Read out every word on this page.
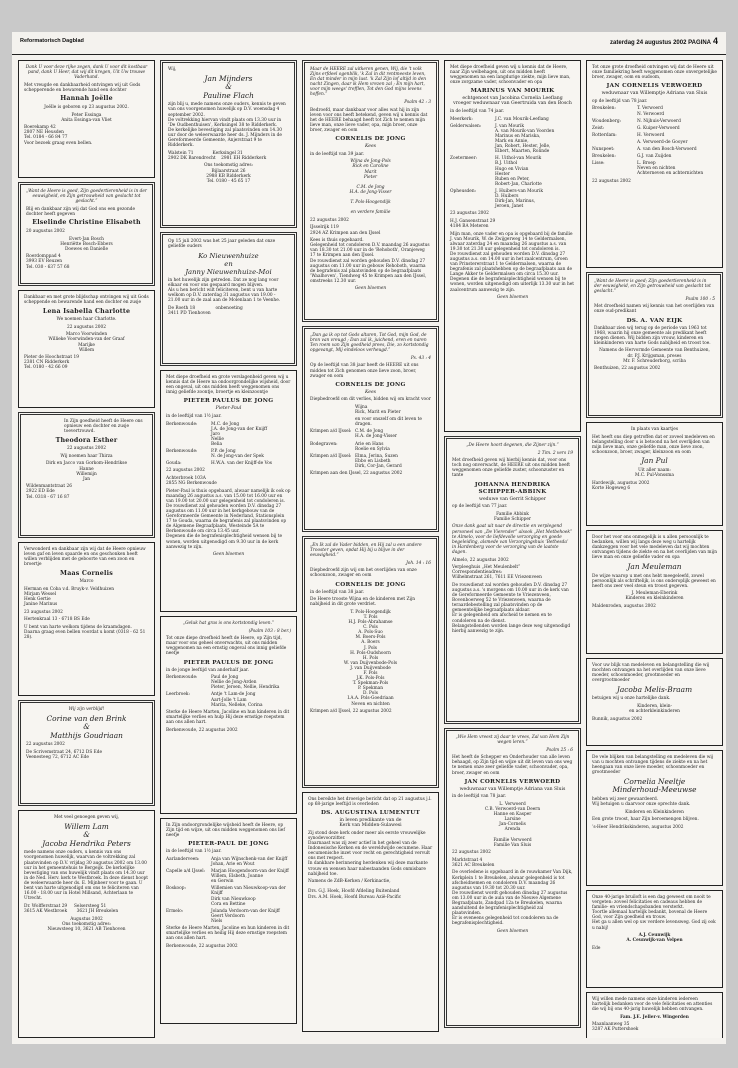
Reformatorisch Dagblad	zaterdag 24 augustus 2002 PAGINA 4

Dank U voor deze rijke zegen, dank U voor dit kostbaar pand, dank U Heer, dat wij dit kregen, Uit Uw trouwe Vaderhand.

Met vreugde en dankbaarheid ontvingen wij uit Gods schepperende en bewarende hand een dochter

Hannah Joëlle

Joëlle is geboren op 23 augustus 2002.

Peter Essinga
Anita Essinga-van Vliet

Boerekamp 42
2807 NE Heusden
Tel. 0184 - 66 84 77
Voor bezoek graag even bellen.

„Want de Heere is goed, Zijn goedertierenheid is in der eeuwigheid, en Zijn getrouwheid van geslacht tot geslacht.”

Blij en dankbaar zijn wij dat God ons een gezonde dochter heeft gegeven

Elselinde Christine Elisabeth

20 augustus 2002

Evert-Jan Bosch
Henriëtte Bosch-Ebbers
Doewes en Danielle

Roerdomppad 4
3993 EV Reuzen
Tel. 030 - 637 57 68

Dankbaar en met grote blijdschap ontvingen wij uit Gods scheppende en bewarende hand een dochter en zusje

Lena Isabella Charlotte

We noemen haar Charlotte.

22 augustus 2002

Marco Voorwinden
Willieke Voorwinden-van der Graaf
Marijke
Willem

Pieter de Hoochstraat 19
2381 CN Ridderkerk
Tel. 0180 - 42 66 09

In Zijn goedheid heeft de Heere ons opnieuw een dochter en zusje toevertrouwd.

Theodora Esther

22 augustus 2002

Wij noemen haar Thirza

Dirk en Jacco van Gorkom-Hendrikse
Hanne
Willemijn
Jan

Wildenmantstraat 26
2922 ED Ede
Tel. 0318 - 67 16 87

Verwonderd en dankbaar zijn wij dat de Heere opnieuw leven gaf en leven spaarde en ons geschonken heeft willen verblijden met de geboorte van een zoon en broertje

Maas Cornelis

Marco

Herman en Coba v.d. Bruyk-v. Veldhuizen
Mirjam Wessel
Henk Gertie
Janine Marinus

23 augustus 2002

Hertenkraal 13 - 6718 BS Ede

U bent van harte welkom tijdens de kraamdagen. Daarna graag even bellen voordat u komt (0318 - 62 51 28).

Wij zijn verblijd!

Corine van den Brink
&
Matthijs Goudriaan

22 augustus 2002

De Scrivemstraat 24, 6712 DS Ede
Veenesteeg 72, 6712 AC Ede

Met veel genoegen geven wij,

Willem Lam
&
Jacoba Hendrika Peters

mede namens onze ouders, u kennis van ons voorgenomen huwelijk, waarvan de voltrekking zal plaatsvinden op D.V. vrijdag 30 augustus 2002 om 13.00 uur in het gemeentehuis te Bergeijk. De kerkelijke bevestiging van ons huwelijk vindt plaats om 14.30 uur in de Ned. Herv. kerk te Westbroek. In deze dienst hoopt de weleerwaarde heer ds. E. Mijnheer voor te gaan. U bent van harte uitgenodigd om ons te feliciteren van 16.00 - 18.00 uur in Hotel Millsand, Achterlaan te Utrecht.

Dr. Wolfferstraat 29     Selsersteeg 51
3615 AK Westbroek       3621 JH Breukelen

Augustus 2002
Ons toekomstig adres:
Nieuwsteeg 10, 3621 AB Tienhoven

Wij,

Jan Mijnders
&
Pauline Flach

zijn blij u, mede namens onze ouders, kennis te geven van ons voorgenomen huwelijk op D.V. woensdag 4 september 2002.
De voltrekking hiervan vindt plaats om 13.30 uur in ‘De Oudbenthuisen’, Kerksingel 38 te Ridderkerk.
De kerkelijke bevestiging zal plaatsvinden om 14.30 uur door de weleerwaarde heer ds. J. Mijnders in de Gereformeerde Gemeente, Anjerstraat 9 te Ridderkerk.

Walstein 71              Kerksingel 31
2902 DK Barendrecht    2981 EH Ridderkerk

Ons toekomstig adres:
Bijlaarstraat 26
2988 KB Ridderkerk
Tel. 0180 - 45 65 17

Op 15 juli 2002 was het 25 jaar geleden dat onze geliefde ouders

Ko Nieuwenhuize
en
Janny Nieuwenhuize-Moi

in het huwelijk zijn getreden. Dat ze nog lang voor elkaar en voor ons gespaard mogen blijven.
Als u hen bericht wilt feliciteren, bent u van harte welkom op D.V. zaterdag 31 augustus van 19.00 - 21.00 uur in de zaal aan de Molenlaan 1 te Veenhe.

De Roeth 18               onbenoeting
3411 PD Tienhoven

Met diepe droefheid en grote verslagenheid geven wij u kennis dat de Heere na ondoorgrondelijke wijsheid, door een ongeval, uit ons midden heeft weggenomen ons innig geliefde zoontje, broertje en kleinzoontje

PIETER PAULUS DE JONG

Pieter-Paul

in de leeftijd van 1½ jaar.

Berkenwoude:	M.C. de Jong
J.A. de Jong-van der Knijff
Jaro
Nellie
Belia
Berkenwoude:	P.P. de Jong
N. de Jong-van der Spek
Gouda:	H.W.A. van der Knijff-de Vos

22 augustus 2002

Achterbroek 103A
2855 NG Berkenwoude

Pieter-Paul is thuis opgebaard, alwaar namelijk ik ook op maandag 26 augustus a.s. van 15.00 tot 16.00 uur en van 19.00 tot 20.00 uur gelegenheid tot condoleren is.
De rouwdienst zal gehouden worden D.V. dinsdag 27 augustus om 11.00 uur in het kerkgebouw van de Gereformeerde Gemeente in Nederland, Stationsplein 17 te Gouda, waarna de begrafenis zal plaatsvinden op de Algemene Begraafplaats, Westeinde 5A te Berkenwoude om circa 13.45 uur.
Degenen die de begrafenisplechtigheid wensen bij te wonen, worden uitgenodigd om 9.30 uur in de kerk aanwezig te zijn.

Geen bloemen

„Geluk hat gras is ons kortstondig leven.”

(Psalm 103 : 8 ber.)

Tot onze diepe droefheid heeft de Heere, op Zijn tijd, maar voor ons geheel onverwachts, uit ons midden weggenomen na een ernstig ongeval ons innig geliefde neefje

PIETER PAULUS DE JONG

in de jonge leeftijd van anderhalf jaar.

Berkenwoude:	Paul de Jong
Nellie de Jong-Arden
Pieter, Jeroen, Nellie, Hendrika
Leerbroek:	Antje 't Lam-de Jong
Aart-Jolle 't Lam
Marita, Nelleke, Corina

Sterke de Heere Marten, Jacoline en hun kinderen in dit smartelijke verlies en hulp Hij deze ernstige roepstem aan ons allen hart.

Berkenwoude, 22 augustus 2002

In Zijn ondoorgrondelijke wijsheid heeft de Heere, op Zijn tijd en wijze, uit ons midden weggenomen ons lief neefje

PIETER-PAUL DE JONG

in de leeftijd van 1½ jaar.

Aarlanderveen:	Anja van Wijnschenk-van der Knijff
Johan, Arie en Wout
Capelle a/d IJssel:	Marjan Hoogendoorn-van der Knijff
Willem, Elsbeth, Joanne
en Gerwin
Boskoop:	Willemien van Nieuwkoop-van der Knijff
Dirk van Nieuwkoop
Cora en Bettine
Ermelo:	Jolanda Verdoorn-van der Knijff
Geert Verdoorn
Niels

Sterke de Heere Marten, Jacoline en hun kinderen in dit smartelijke verlies en heilig Hij deze ernstige roepstem aan ons allen hart.

Berkenwoude, 22 augustus 2002

Maar de HEERE zal uitkeren genen, Wij, die 't volk Zijns erfdeel ogenblik, 'k Zal in dit rentmeeste leven, En dat minder in mijn lust. 'k Zal Zijn lof altijd in den nacht Zingen, daar ik Hem vrezen zal ; En mijn hart, voor mijn weegs' trefflen, Tot den God mijns levens hoffen.”

Psalm 42 : 3

Bedroefd, maar dankbaar voor alles wat hij in zijn leven voor ons heeft betekend, geven wij u kennis dat het de HEERE behaagd heeft tot Zich te nemen mijn lieve man, onze lieve vader, opa, mijn broer, onze broer, zwager en oom

CORNELIS DE JONG

Kees

in de leeftijd van 39 jaar.

Wijna de Jong-Pols
Rick en Caroline
Marit
Pieter

C.M. de Jong
H.A. de Jong-Visser

T. Pols-Hoogendijk

en verdere familie

22 augustus 2002

IJsselrijk 119
2924 AZ Krimpen aan den IJssel

Kees is thuis opgebaard.
Gelegenheid tot condoleren D.V. maandag 26 augustus van 18.30 tot 21.00 uur in de 'Rehoboth', Oranjeweg 17 te Krimpen aan den IJssel.
De rouwdienst zal worden gehouden D.V. dinsdag 27 augustus om 11.00 uur in gebouw Rehoboth, waarna de begrafenis zal plaatsvinden op de begraafplaats ‘Waalhoven’, Tiendweg 45 te Krimpen aan den IJssel, omstreeks 12.30 uur.

Geen bloemen

„Dan ga ik op tot Gods altaren, Tot God, mijn God, de bron van vreugd ; Dan zal ik, juichend, eren en naren Ten roem van Zijn goedheid prees, Die, zo kortstondig opgevangt, Mij eindeloos verheugd.”

Ps. 43 : 4

Op de leeftijd van 38 jaar heeft de HEERE uit ons midden tot Zich genomen onze lieve zoon, broer, zwager en oom

CORNELIS DE JONG

Kees

Diepbedroefd om dit verlies, bidden wij om kracht voor

Wijna
Rick, Marit en Pieter
en voor onszelf om dit leven te dragen.
Krimpen a/d IJssel: C.M. de Jong
H.A. de Jong-Visser
Bodegraven:	Arie en Hans
Roelie en Sylvia
Krimpen a/d IJssel: Elma, Jerina, Suzen
Ebbo en Lisbeth
Dirk, Cor-Jan, Gerard

Krimpen aan den IJssel, 22 augustus 2002

„En Ik zal de Vader bidden, en Hij zal u een andere Trooster geven, opdat Hij bij u blijve in der eeuwigheid.”

Joh. 14 : 16

Diepbedroefd zijn wij om het overlijden van onze schoonzoon, zwager en oom

CORNELIS DE JONG

in de leeftijd van 38 jaar.

De Heere trooste Wijna en de kinderen met Zijn nabijheid in dit grote verdriet.

T. Pols-Hoogendijk
T. Pols
H.J. Pols-Abrahamse
C. Pols
A. Pols-Suo
M. Boers-Pols
A. Boers
J. Pols
H. Pols-Oudshoorn
H. Pols
W. van Duijvenbode-Pols
J. van Duijvenbode
F. Pols
J.K. Pols-Pols
T. Spekman-Pols
P. Spekman
D. Pols
I.A.A. Pols-Goedriaan
Neven en nichten

Krimpen a/d IJssel, 22 augustus 2002

Ons bereikte het droevige bericht dat op 21 augustus j.l. op 68-jarige leeftijd is overleden

DS. AUGUSTINA LUMENTUT

in leven predikante van de
Kerk van Midden-Sulawesi

Zij stond deze kerk onder meer als eerste vrouwelijke synodevoorzitter.
Daarnaast was zij zeer actief in het geheel van de Indonesische Kerken en de wereldwijde oecumene. Haar oecumenische inzet voor recht en gerechtigheid vervult ons met respect.
In dankbare herinnering herdenken wij deze markante vrouw en wensen haar nabestaanden Gods onmisbare nabijheid toe.

Namens de ZdB-Kerken / Kerkinactie,

Drs. G.J. Hoek, Hoofd Afdeling Buitenland
Drs. A.M. Hoek, Hoofd Bureau Azië-Pacific

Met diepe droefheid geven wij u kennis dat de Heere, naar Zijn welbehagen, uit ons midden heeft weggenomen na een langdurige ziekte, mijn lieve man, onze zorgzame vader, schoonvader en opa

MARINUS VAN MOURIK

echtgenoot van Jacobina Cornelia Leeflang
vroeger weduwnaar van Geertruida van den Bosch

in de leeftijd van 74 jaar.

Meerkerk:	J.C. van Mourik-Leeflang
Gelderwalsen:	J. van Mourik
A. van Mourik-van Voorden
Marinus en Mariska,
Mark en Annie,
Jan, Robert, Hester, Jelle,
Elbert, Maarten, Rolinde
Zoetermeer:	H. Uithol-van Mourik
B.J. Uithol
Hugo en Vivian
Hester
Ruben en Peter,
Robert-Jan, Charlotte
Opheusden:	J. Huibers-van Mourik
D. Huibers
Dirk-Jan, Marinus,
Jeroen, Janet

23 augustus 2002

H.J. Gansenstraat 29
4184 BA Meteren

Mijn man, onze vader en opa is opgebaard bij de familie J. van Mourik, W. de Zwijgerweg 14 te Geldermalsen, alwaar zaterdag 24 en maandag 26 augustus a.s. van 19.30 tot 21.30 uur gelegenheid tot condoleren is.
De rouwdienst zal gehouden worden D.V. dinsdag 27 augustus a.s. om 14.00 uur in het zaalcentrum, Groen van Prinstererstraat 1 te Geldermalsen, waarna de begrafenis zal plaatshebben op de begraafplaats aan de Lange Akker te Geldermalsen om circa 15.30 uur.
Degenen die de begrafenisplechtigheid wensen bij te wonen, worden uitgenodigd om uiterlijk 13.30 uur in het zaalcentrum aanwezig te zijn.

Geen bloemen

„De Heere hoort degenen, die Zijner zijn.”

2 Tim. 2 vers 19

Met droefheid geven wij hierbij kennis dat, voor ons toch nog onverwacht, de HEERE uit ons midden heeft weggenomen onze geliefde zuster, schoonzuster en tante

JOHANNA HENDRIKA
SCHIPPER-ABBINK

weduwe van Gerrit Schipper

op de leeftijd van 77 jaar.

Familie Abbink
Familie Schipper

Onze dank gaat uit naar de directie en verplegend personeel van „De Vierender” alsook „Het Metbehoek” te Almelo, voor de liefdevolle verzorging en goede begeleiding, alsmede van Verzorgingshuis ‘Bethesda’ in Hardenberg voor de verzorging van de laatste dagen.

Almelo, 22 augustus 2002

Verpleeghuis „Het Meulenbelt”
Correspondentieadres:
Wilhelmstraat 261, 7611 EE Vriezenveen

De rouwdienst zal worden gehouden D.V. dinsdag 27 augustus a.s. 's morgens om 10.00 uur in de kerk van de Gereformeerde Gemeente te Vriezenveen, Bovenboerweg 52 te Vriezenveen, waarna de teraardebestelling zal plaatsvinden op de gemeentelijke begraafplaats aldaar.
Er is gelegenheid om afscheid te nemen en te condoleren na de dienst.
Belangstellenden worden lange deze weg uitgenodigd hierbij aanwezig te zijn.

„Wie Hem vreest zij daar te vrees, Zal van Hem Zijn wegen leren.”

Psalm 25 : 6

Het heeft de Schepper en Onderhouder van alle leven behaagd, op Zijn tijd en wijze uit dit leven van ons weg te nemen onze zeer geliefde vader, schoonvader, opa, broer, zwager en oom

JAN CORNELIS VERWOERD

weduwnaar van Willemptje Adriana van Sluis

in de leeftijd van 78 jaar.

L. Verwoerd
C.B. Verwoerd-van Deern
Hanne en Kasper
Larsine
Jan-Cornelis
Arenda

Familie Verwoerd
Familie Van Sluis

22 augustus 2002

Marktstraat 4
3621 AC Breukelen

De overledene is opgebaard in de rouwkamer Van Dijk, Kerkplein 1 te Breukelen, alwaar gelegenheid is tot afscheidnemen en condoleren D.V. maandag 26 augustus van 19.30 tot 20.30 uur.
De rouwdienst wordt gehouden dinsdag 27 augustus om 13.00 uur in de aula van de Nieuwe Algemene Begraafplaats, Zandpad 12a te Breukelen, waarna aansluitend de begrafenisplechtigheid zal plaatsvinden.
Er is eveneens gelegenheid tot condoleren na de begrafenisplechtigheid.

Geen bloemen

Tot onze grote droefheid ontvingen wij dat de Heere uit onze familiekring heeft weggenomen onze onvergetelijke broer, zwager, oom en oudoom,

JAN CORNELIS VERWOERD

weduwnaar van Willemptje Adriana van Sluis

op de leeftijd van 78 jaar.

Breukelen:	T. Verwoerd
N. Verwoerd
Woudenberg:	N. Nijhuis-Verwoerd
Zeist:	G. Kuiper-Verwoerd
Rotterdam:	H. Verwoerd
A. Verwoerd-de Gooyer
Nunspeet:	A. van den Bosch-Verwoerd
Breukelen:	G.J. van Zuijden
Lisse:	L. Broep
Neven en nichten
Achterneven en achternichten

22 augustus 2002

„Want de Heere is goed; Zijn goedertierenheid is in der eeuwigheid, en Zijn getrouwheid van geslacht tot geslacht.”

Psalm 100 : 5

Met droefheid namen wij kennis van het overlijden van onze oud-predikant

DS. A. VAN EIJK

Dankbaar zien wij terug op de periode van 1963 tot 1968, waarin hij onze gemeente als predikant heeft mogen dienen. Wij bidden zijn vrouw, kinderen en kleinkinderen van harte Gods nabijheid en troost toe.

Namens de Hervormde Gemeente van Benthuizen,
dr. P.J. Krijgsman, preses
Mr. F. Schreuderborg, scriba

Benthuizen, 22 augustus 2002

In plaats van kaartjes

Het heeft ons diep getroffen dat er zoveel medeleven en belangstelling door u is betoond na het overlijden van mijn lieve man, onze geliefde man, onze lieve zoon, schoonzoon, broer, zwager, kleinzoon en oom

Jan Pul

Uit aller naam:
M.C. Pul-Vonssma

Hardewijk, augustus 2002
Korte Hogeweg 6

Door het voor ons onmogelijk is u allen persoonlijk te bedanken, willen wij langs deze weg u hartelijk dankzeggen voor het vele medeleven dat wij mochten ontvangen tijdens de ziekte en na het overlijden van mijn lieve man en onze geliefde vader en opa

Jan Meuleman

De wijze waarop u met ons hebt meegeleefd, zowel persoonlijk als schriftelijk, is ons onderoplijk geweest en heeft ons zeer veel steun en troost gegeven.

J. Meuleman-Eberink
Kinderen en kleinkinderen

Maldenroden, augustus 2002

Voor uw blijk van medeleven en belangstelling die wij mochten ontvangen na het overlijden van onze lieve moeder, schoonmoeder, grootmoeder en overgrootmoeder

Jacoba Melis-Braam

betuigen wij u onze hartelijke dank.

Kinderen, klein-
en achterkleinkinderen

Bunnik, augustus 2002

De vele blijken van belangstelling en medeleven die wij van u mochten ontvangen tijdens de ziekte en na het heengaan van onze lieve moeder, schoonmoeder en grootmoeder

Cornelia Neeltje
Minderhoud-Meeuwse

hebben wij zeer gewaardeerd.
Wij betuigen u daarvoor onze oprechte dank.

Kinderen en Kleinkinderen

Een grote troost, haar Zijn beroemengen blijven.

‘s-Heer Hendrikskinderen, augustus 2002

Onze 40-jarige bruiloft is een dag geweest om nooit te vergeten: zoveel felicitaties en cadeaus hebben de familie- en vriendschapsbanden versterkt.
Toortle allemaal hartelijk bedankt, bovenal de Heere God, voor Zijn goedheid en trouw.
Het ga u allen wel op uw verdere levensweg. God zij ook u nabij!

A.J. Ceunwijk
A. Ceunwijk-van Velpen

Ede

Wij willen mede namens onze kinderen iedereen hartelijk bedanken voor de vele felicitaties en attenties die wij bij ons 40-jarig huwelijk hebben ontvangen.

Fam. J.E. Jeller-v. Wingerden

Maanlaanweg 35
3287 AK Puttershoek
